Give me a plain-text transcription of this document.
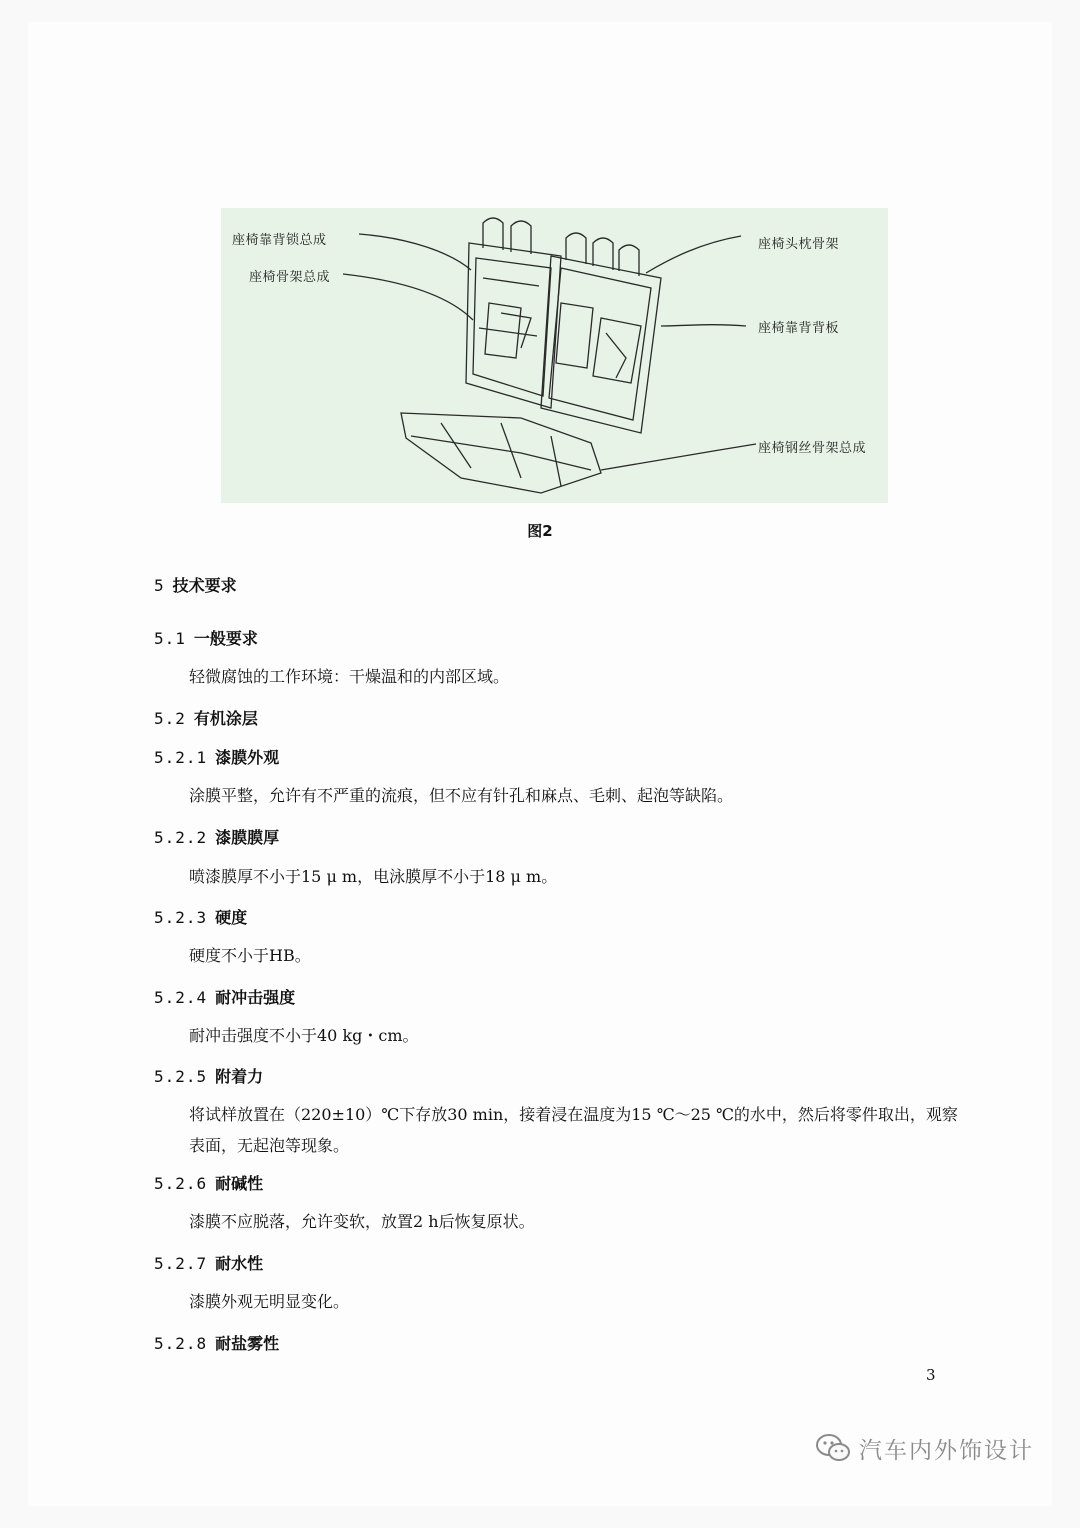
座椅靠背锁总成
座椅骨架总成
座椅头枕骨架
座椅靠背背板
座椅钢丝骨架总成
图2
5 技术要求
5.1 一般要求
轻微腐蚀的工作环境：干燥温和的内部区域。
5.2 有机涂层
5.2.1 漆膜外观
涂膜平整，允许有不严重的流痕，但不应有针孔和麻点、毛刺、起泡等缺陷。
5.2.2 漆膜膜厚
喷漆膜厚不小于15 μ m，电泳膜厚不小于18 μ m。
5.2.3 硬度
硬度不小于HB。
5.2.4 耐冲击强度
耐冲击强度不小于40 kg・cm。
5.2.5 附着力
将试样放置在（220±10）℃下存放30 min，接着浸在温度为15 ℃～25 ℃的水中，然后将零件取出，观察表面，无起泡等现象。
5.2.6 耐碱性
漆膜不应脱落，允许变软，放置2 h后恢复原状。
5.2.7 耐水性
漆膜外观无明显变化。
5.2.8 耐盐雾性
3
汽车内外饰设计
